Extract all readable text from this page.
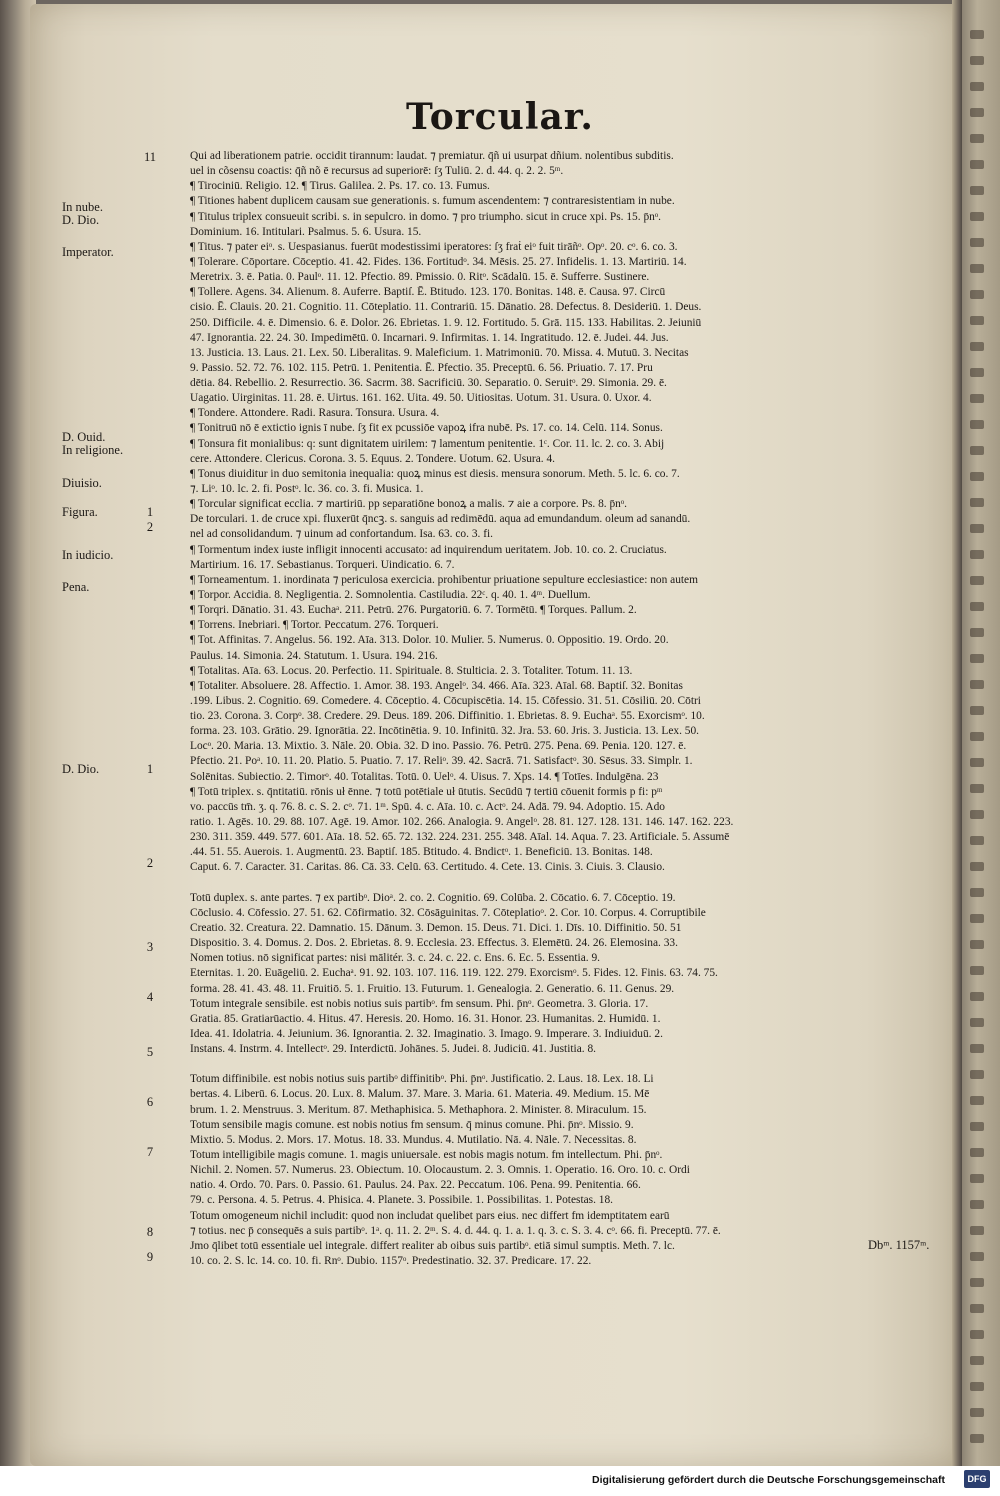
Torcular.
Qui ad liberationem patrie. occidit tirannum: laudat. ⁊ premiatur. q̄ñ ui usurpat dñium. nolentibus subditis.
uel in cõsensu coactis: q̄ñ nõ ē recursus ad superiorē: ſʒ Tuliū. 2. d. 44. q. 2. 2. 5ᵐ.
¶ Tirociniū. Religio. 12. ¶ Tirus. Galilea. 2. Ps. 17. co. 13. Fumus.
¶ Titiones habent duplicem causam sue generationis. s. fumum ascendentem: ⁊ contraresistentiam in nube.
¶ Titulus triplex consueuit scribi. s. in sepulcro. in domo. ⁊ pro triumpho. sicut in cruce xpi. Ps. 15. p̄nᵒ.
Dominium. 16. Intitulari. Psalmus. 5. 6. Usura. 15.
¶ Titus. ⁊ pater eiᵒ. s. Uespasianus. fuerūt modestissimi iperatores: ſʒ fraṫ eiᵒ fuit tirāñᵒ. Opᵒ. 20. cᵒ. 6. co. 3.
¶ Tolerare. Cōportare. Cōceptio. 41. 42. Fides. 136. Fortitudᵒ. 34. Mēsis. 25. 27. Infidelis. 1. 13. Martiriū. 14.
Meretrix. 3. ē. Patia. 0. Paulᵒ. 11. 12. Pfectio. 89. Pmissio. 0. Ritᵒ. Scādalū. 15. ē. Sufferre. Sustinere.
¶ Tollere. Agens. 34. Alienum. 8. Auferre. Baptiſ. Ē. Btitudo. 123. 170. Bonitas. 148. ē. Causa. 97. Circū
cisio. Ē. Clauis. 20. 21. Cognitio. 11. Cōteplatio. 11. Contrariū. 15. Dānatio. 28. Defectus. 8. Desideriū. 1. Deus.
250. Difficile. 4. ē. Dimensio. 6. ē. Dolor. 26. Ebrietas. 1. 9. 12. Fortitudo. 5. Grā. 115. 133. Habilitas. 2. Jeiuniū
47. Ignorantia. 22. 24. 30. Impedimētū. 0. Incarnari. 9. Infirmitas. 1. 14. Ingratitudo. 12. ē. Judei. 44. Jus.
13. Justicia. 13. Laus. 21. Lex. 50. Liberalitas. 9. Maleficium. 1. Matrimoniū. 70. Missa. 4. Mutuū. 3. Necitas
9. Passio. 52. 72. 76. 102. 115. Petrū. 1. Penitentia. Ē. Pfectio. 35. Preceptū. 6. 56. Priuatio. 7. 17. Pru
dētia. 84. Rebellio. 2. Resurrectio. 36. Sacrm. 38. Sacrificiū. 30. Separatio. 0. Seruitᵒ. 29. Simonia. 29. ē.
Uagatio. Uirginitas. 11. 28. ē. Uirtus. 161. 162. Uita. 49. 50. Uitiositas. Uotum. 31. Usura. 0. Uxor. 4.
¶ Tondere. Attondere. Radi. Rasura. Tonsura. Usura. 4.
¶ Tonitruū nō ē extictio ignis ī nube. ſʒ fit ex pcussiōe vapoꝝ ifra nubē. Ps. 17. co. 14. Celū. 114. Sonus.
¶ Tonsura fit monialibus: q: sunt dignitatem uirilem: ⁊ lamentum penitentie. 1ᶜ. Cor. 11. lc. 2. co. 3. Abij
cere. Attondere. Clericus. Corona. 3. 5. Equus. 2. Tondere. Uotum. 62. Usura. 4.
¶ Tonus diuiditur in duo semitonia inequalia: quoꝝ minus est diesis. mensura sonorum. Meth. 5. lc. 6. co. 7.
⁊. Liᵒ. 10. lc. 2. fi. Postᵒ. lc. 36. co. 3. fi. Musica. 1.
¶ Torcular significat ecclia. ⁊ martiriū. pp separatiōne bonoꝝ a malis. ⁊ aie a corpore. Ps. 8. p̄nᵒ.
De torculari. 1. de cruce xpi. fluxerūt q̄ncꝫ. s. sanguis ad redimēdū. aqua ad emundandum. oleum ad sanandū.
nel ad consolidandum. ⁊ uinum ad confortandum. Isa. 63. co. 3. fi.
¶ Tormentum index iuste infligit innocenti accusato: ad inquirendum ueritatem. Job. 10. co. 2. Cruciatus.
Martirium. 16. 17. Sebastianus. Torqueri. Uindicatio. 6. 7.
¶ Torneamentum. 1. inordinata ⁊ periculosa exercicia. prohibentur priuatione sepulture ecclesiastice: non autem
¶ Torpor. Accidia. 8. Negligentia. 2. Somnolentia. Castiludia. 22ᶜ. q. 40. 1. 4ᵐ. Duellum.
¶ Torqri. Dānatio. 31. 43. Euchaᵃ. 211. Petrū. 276. Purgatoriū. 6. 7. Tormētū. ¶ Torques. Pallum. 2.
¶ Torrens. Inebriari. ¶ Tortor. Peccatum. 276. Torqueri.
¶ Tot. Affinitas. 7. Angelus. 56. 192. Aīa. 313. Dolor. 10. Mulier. 5. Numerus. 0. Oppositio. 19. Ordo. 20.
Paulus. 14. Simonia. 24. Statutum. 1. Usura. 194. 216.
¶ Totalitas. Aīa. 63. Locus. 20. Perfectio. 11. Spirituale. 8. Stulticia. 2. 3. Totaliter. Totum. 11. 13.
¶ Totaliter. Absoluere. 28. Affectio. 1. Amor. 38. 193. Angelᵒ. 34. 466. Aīa. 323. Aīal. 68. Baptiſ. 32. Bonitas
.199. Libus. 2. Cognitio. 69. Comedere. 4. Cōceptio. 4. Cōcupiscētia. 14. 15. Cōfessio. 31. 51. Cōsiliū. 20. Cōtri
tio. 23. Corona. 3. Corpᵒ. 38. Credere. 29. Deus. 189. 206. Diffinitio. 1. Ebrietas. 8. 9. Euchaᵃ. 55. Exorcismᵒ. 10.
forma. 23. 103. Grātio. 29. Ignorātia. 22. Incōtinētia. 9. 10. Infinitū. 32. Jra. 53. 60. Jris. 3. Justicia. 13. Lex. 50.
Locᵒ. 20. Maria. 13. Mixtio. 3. Nāle. 20. Obia. 32. D ino. Passio. 76. Petrū. 275. Pena. 69. Penia. 120. 127. ē.
Pfectio. 21. Poᵃ. 10. 11. 20. Platio. 5. Puatio. 7. 17. Reliᵒ. 39. 42. Sacrā. 71. Satisfactᵒ. 30. Sēsus. 33. Simplr. 1.
Solēnitas. Subiectio. 2. Timorᵒ. 40. Totalitas. Totū. 0. Uelᵒ. 4. Uisus. 7. Xps. 14. ¶ Totīes. Indulgēna. 23
¶ Totū triplex. s. q̄ntitatiū. rōnis uł ēnne. ⁊ totū potētiale uł ūtutis. Secūdū ⁊ tertiū cōuenit formis p fi: pᵐ
vo. paccūs tm̄. ʒ. q. 76. 8. c. S. 2. cᵒ. 71. 1ᵐ. Spū. 4. c. Aīa. 10. c. Actᵒ. 24. Adā. 79. 94. Adoptio. 15. Ado
ratio. 1. Agēs. 10. 29. 88. 107. Agē. 19. Amor. 102. 266. Analogia. 9. Angelᵒ. 28. 81. 127. 128. 131. 146. 147. 162. 223.
230. 311. 359. 449. 577. 601. Aīa. 18. 52. 65. 72. 132. 224. 231. 255. 348. Aīal. 14. Aqua. 7. 23. Artificiale. 5. Assumē
.44. 51. 55. Auerois. 1. Augmentū. 23. Baptiſ. 185. Btitudo. 4. Bndictᵒ. 1. Beneficiū. 13. Bonitas. 148.
Caput. 6. 7. Caracter. 31. Caritas. 86. Cā. 33. Celū. 63. Certitudo. 4. Cete. 13. Cinis. 3. Ciuis. 3. Clausio.
Totū duplex. s. ante partes. ⁊ ex partibᵒ. Dioᵃ. 2. co. 2. Cognitio. 69. Colūba. 2. Cōcatio. 6. 7. Cōceptio. 19.
Cōclusio. 4. Cōfessio. 27. 51. 62. Cōfirmatio. 32. Cōsāguinitas. 7. Cōteplatioᵒ. 2. Cor. 10. Corpus. 4. Corruptibile
Creatio. 32. Creatura. 22. Damnatio. 15. Dānum. 3. Demon. 15. Deus. 71. Dici. 1. Dīs. 10. Diffinitio. 50. 51
Dispositio. 3. 4. Domus. 2. Dos. 2. Ebrietas. 8. 9. Ecclesia. 23. Effectus. 3. Elemētū. 24. 26. Elemosina. 33.
Nomen totius. nō significat partes: nisi mālitér. 3. c. 24. c. 22. c. Ens. 6. Ec. 5. Essentia. 9.
Eternitas. 1. 20. Euāgeliū. 2. Euchaᵃ. 91. 92. 103. 107. 116. 119. 122. 279. Exorcismᵒ. 5. Fides. 12. Finis. 63. 74. 75.
forma. 28. 41. 43. 48. 11. Fruitiō. 5. 1. Fruitio. 13. Futurum. 1. Genealogia. 2. Generatio. 6. 11. Genus. 29.
Totum integrale sensibile. est nobis notius suis partibᵒ. fm sensum. Phi. p̄nᵒ. Geometra. 3. Gloria. 17.
Gratia. 85. Gratiarūactio. 4. Hitus. 47. Heresis. 20. Homo. 16. 31. Honor. 23. Humanitas. 2. Humidū. 1.
Idea. 41. Idolatria. 4. Jeiunium. 36. Ignorantia. 2. 32. Imaginatio. 3. Imago. 9. Imperare. 3. Indiuiduū. 2.
Instans. 4. Instrm. 4. Intellectᵒ. 29. Interdictū. Johānes. 5. Judei. 8. Judiciū. 41. Justitia. 8.
Totum diffinibile. est nobis notius suis partibᵒ diffinitibᵒ. Phi. p̄nᵒ. Justificatio. 2. Laus. 18. Lex. 18. Li
bertas. 4. Liberū. 6. Locus. 20. Lux. 8. Malum. 37. Mare. 3. Maria. 61. Materia. 49. Medium. 15. Mē
brum. 1. 2. Menstruus. 3. Meritum. 87. Methaphisica. 5. Methaphora. 2. Minister. 8. Miraculum. 15.
Totum sensibile magis comune. est nobis notius fm sensum. q̄ minus comune. Phi. p̄nᵒ. Missio. 9.
Mixtio. 5. Modus. 2. Mors. 17. Motus. 18. 33. Mundus. 4. Mutilatio. Nā. 4. Nāle. 7. Necessitas. 8.
Totum intelligibile magis comune. 1. magis uniuersale. est nobis magis notum. fm intellectum. Phi. p̄nᵒ.
Nichil. 2. Nomen. 57. Numerus. 23. Obiectum. 10. Olocaustum. 2. 3. Omnis. 1. Operatio. 16. Oro. 10. c. Ordi
natio. 4. Ordo. 70. Pars. 0. Passio. 61. Paulus. 24. Pax. 22. Peccatum. 106. Pena. 99. Penitentia. 66.
79. c. Persona. 4. 5. Petrus. 4. Phisica. 4. Planete. 3. Possibile. 1. Possibilitas. 1. Potestas. 18.
Totum omogeneum nichil includit: quod non includat quelibet pars eius. nec differt fm idemptitatem earū
⁊ totius. nec p̄ consequēs a suis partibᵒ. 1ᵃ. q. 11. 2. 2ᵐ. S. 4. d. 44. q. 1. a. 1. q. 3. c. S. 3. 4. cᵒ. 66. fi. Preceptū. 77. ē.
Jmo q̄libet totū essentiale uel integrale. differt realiter ab oibus suis partibᵒ. etiā simul sumptis. Meth. 7. lc.
10. co. 2. S. lc. 14. co. 10. fi. Rnᵒ. Dubio. 1157ᵒ. Predestinatio. 32. 37. Predicare. 17. 22.
11
In nube.
D. Dio.
Imperator.
D. Ouid.
In religione.
Diuisio.
Figura.
In iudicio.
Pena.
D. Dio.
1
2
1
2
3
4
5
6
7
8
9
Dbᵐ. 1157ᵐ.
Digitalisierung gefördert durch die Deutsche Forschungsgemeinschaft	DFG
